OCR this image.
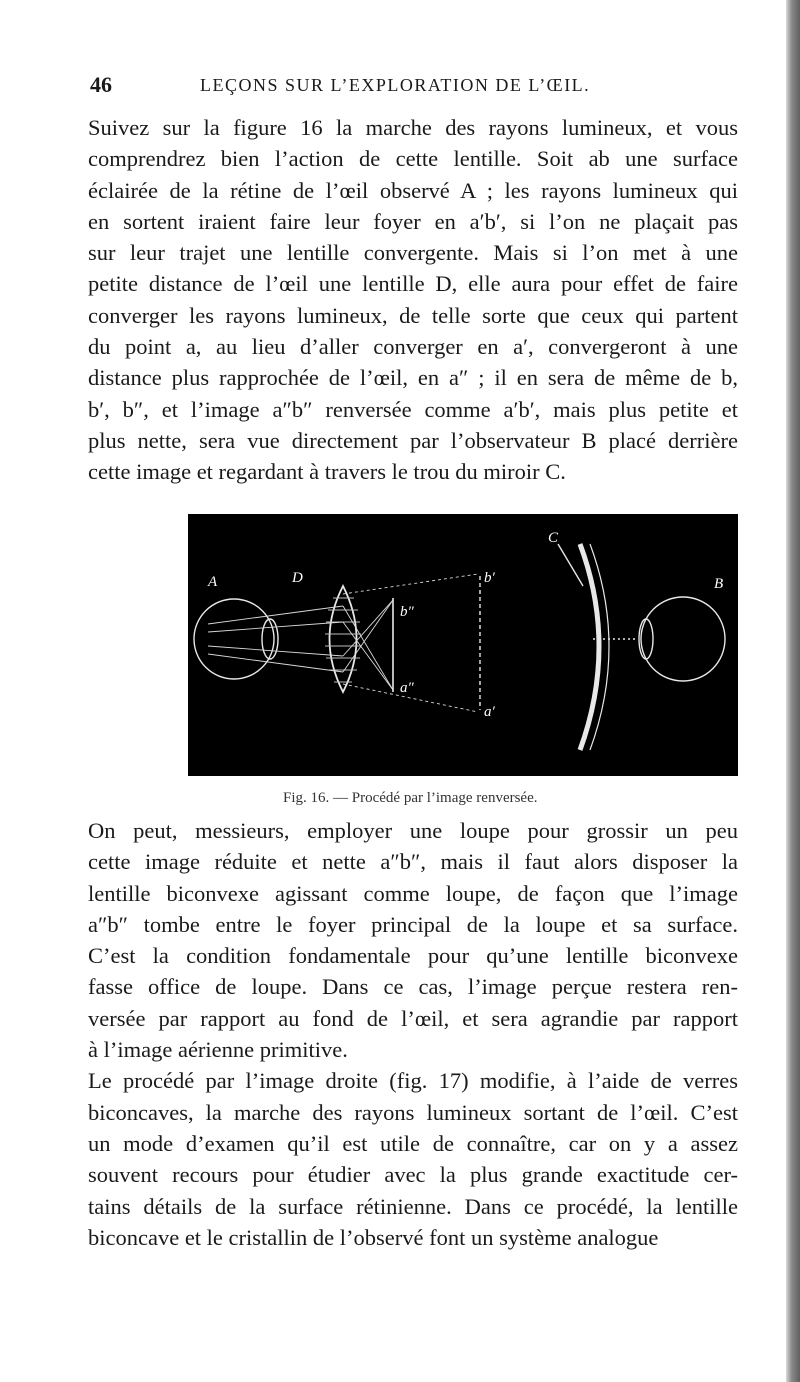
46	LEÇONS SUR L’EXPLORATION DE L’ŒIL.
Suivez sur la figure 16 la marche des rayons lumineux, et vous
comprendrez bien l’action de cette lentille. Soit ab une surface
éclairée de la rétine de l’œil observé A ; les rayons lumineux qui
en sortent iraient faire leur foyer en a′b′, si l’on ne plaçait pas
sur leur trajet une lentille convergente. Mais si l’on met à une
petite distance de l’œil une lentille D, elle aura pour effet de faire
converger les rayons lumineux, de telle sorte que ceux qui partent
du point a, au lieu d’aller converger en a′, convergeront à une
distance plus rapprochée de l’œil, en a″ ; il en sera de même de b,
b′, b″, et l’image a″b″ renversée comme a′b′, mais plus petite et
plus nette, sera vue directement par l’observateur B placé derrière
cette image et regardant à travers le trou du miroir C.
A	D
C
B
b′
b″
a″
a′
Fig. 16. — Procédé par l’image renversée.
On peut, messieurs, employer une loupe pour grossir un peu
cette image réduite et nette a″b″, mais il faut alors disposer la
lentille biconvexe agissant comme loupe, de façon que l’image
a″b″ tombe entre le foyer principal de la loupe et sa surface.
C’est la condition fondamentale pour qu’une lentille biconvexe
fasse office de loupe. Dans ce cas, l’image perçue restera ren-
versée par rapport au fond de l’œil, et sera agrandie par rapport
à l’image aérienne primitive.
Le procédé par l’image droite (fig. 17) modifie, à l’aide de verres
biconcaves, la marche des rayons lumineux sortant de l’œil. C’est
un mode d’examen qu’il est utile de connaître, car on y a assez
souvent recours pour étudier avec la plus grande exactitude cer-
tains détails de la surface rétinienne. Dans ce procédé, la lentille
biconcave et le cristallin de l’observé font un système analogue
